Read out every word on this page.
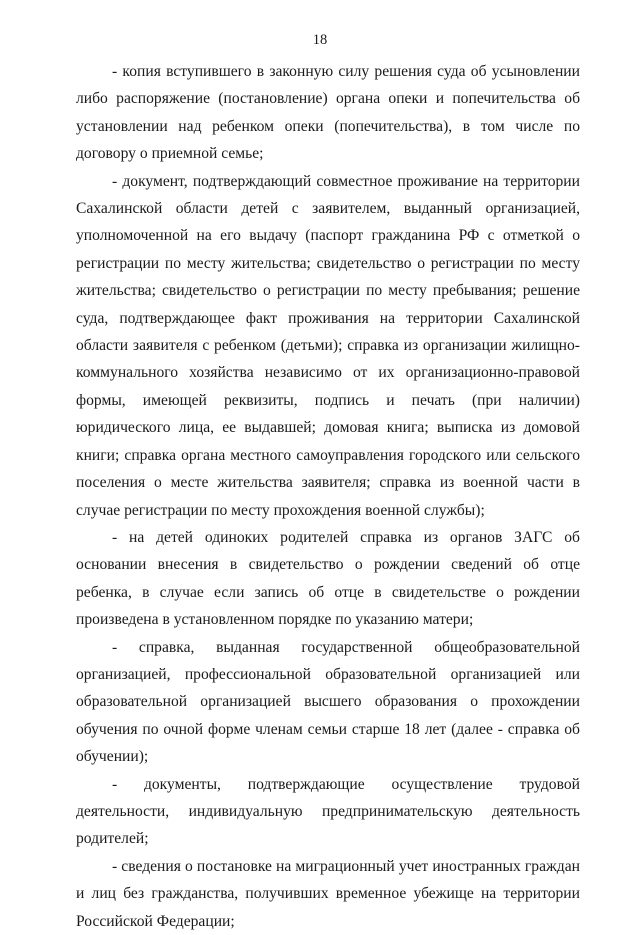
18

- копия вступившего в законную силу решения суда об усыновлении либо распоряжение (постановление) органа опеки и попечительства об установлении над ребенком опеки (попечительства), в том числе по договору о приемной семье;

- документ, подтверждающий совместное проживание на территории Сахалинской области детей с заявителем, выданный организацией, уполномоченной на его выдачу (паспорт гражданина РФ с отметкой о регистрации по месту жительства; свидетельство о регистрации по месту жительства; свидетельство о регистрации по месту пребывания; решение суда, подтверждающее факт проживания на территории Сахалинской области заявителя с ребенком (детьми); справка из организации жилищно-коммунального хозяйства независимо от их организационно-правовой формы, имеющей реквизиты, подпись и печать (при наличии) юридического лица, ее выдавшей; домовая книга; выписка из домовой книги; справка органа местного самоуправления городского или сельского поселения о месте жительства заявителя; справка из военной части в случае регистрации по месту прохождения военной службы);

- на детей одиноких родителей справка из органов ЗАГС об основании внесения в свидетельство о рождении сведений об отце ребенка, в случае если запись об отце в свидетельстве о рождении произведена в установленном порядке по указанию матери;

- справка, выданная государственной общеобразовательной организацией, профессиональной образовательной организацией или образовательной организацией высшего образования о прохождении обучения по очной форме членам семьи старше 18 лет (далее - справка об обучении);

- документы, подтверждающие осуществление трудовой деятельности, индивидуальную предпринимательскую деятельность родителей;

- сведения о постановке на миграционный учет иностранных граждан и лиц без гражданства, получивших временное убежище на территории Российской Федерации;
